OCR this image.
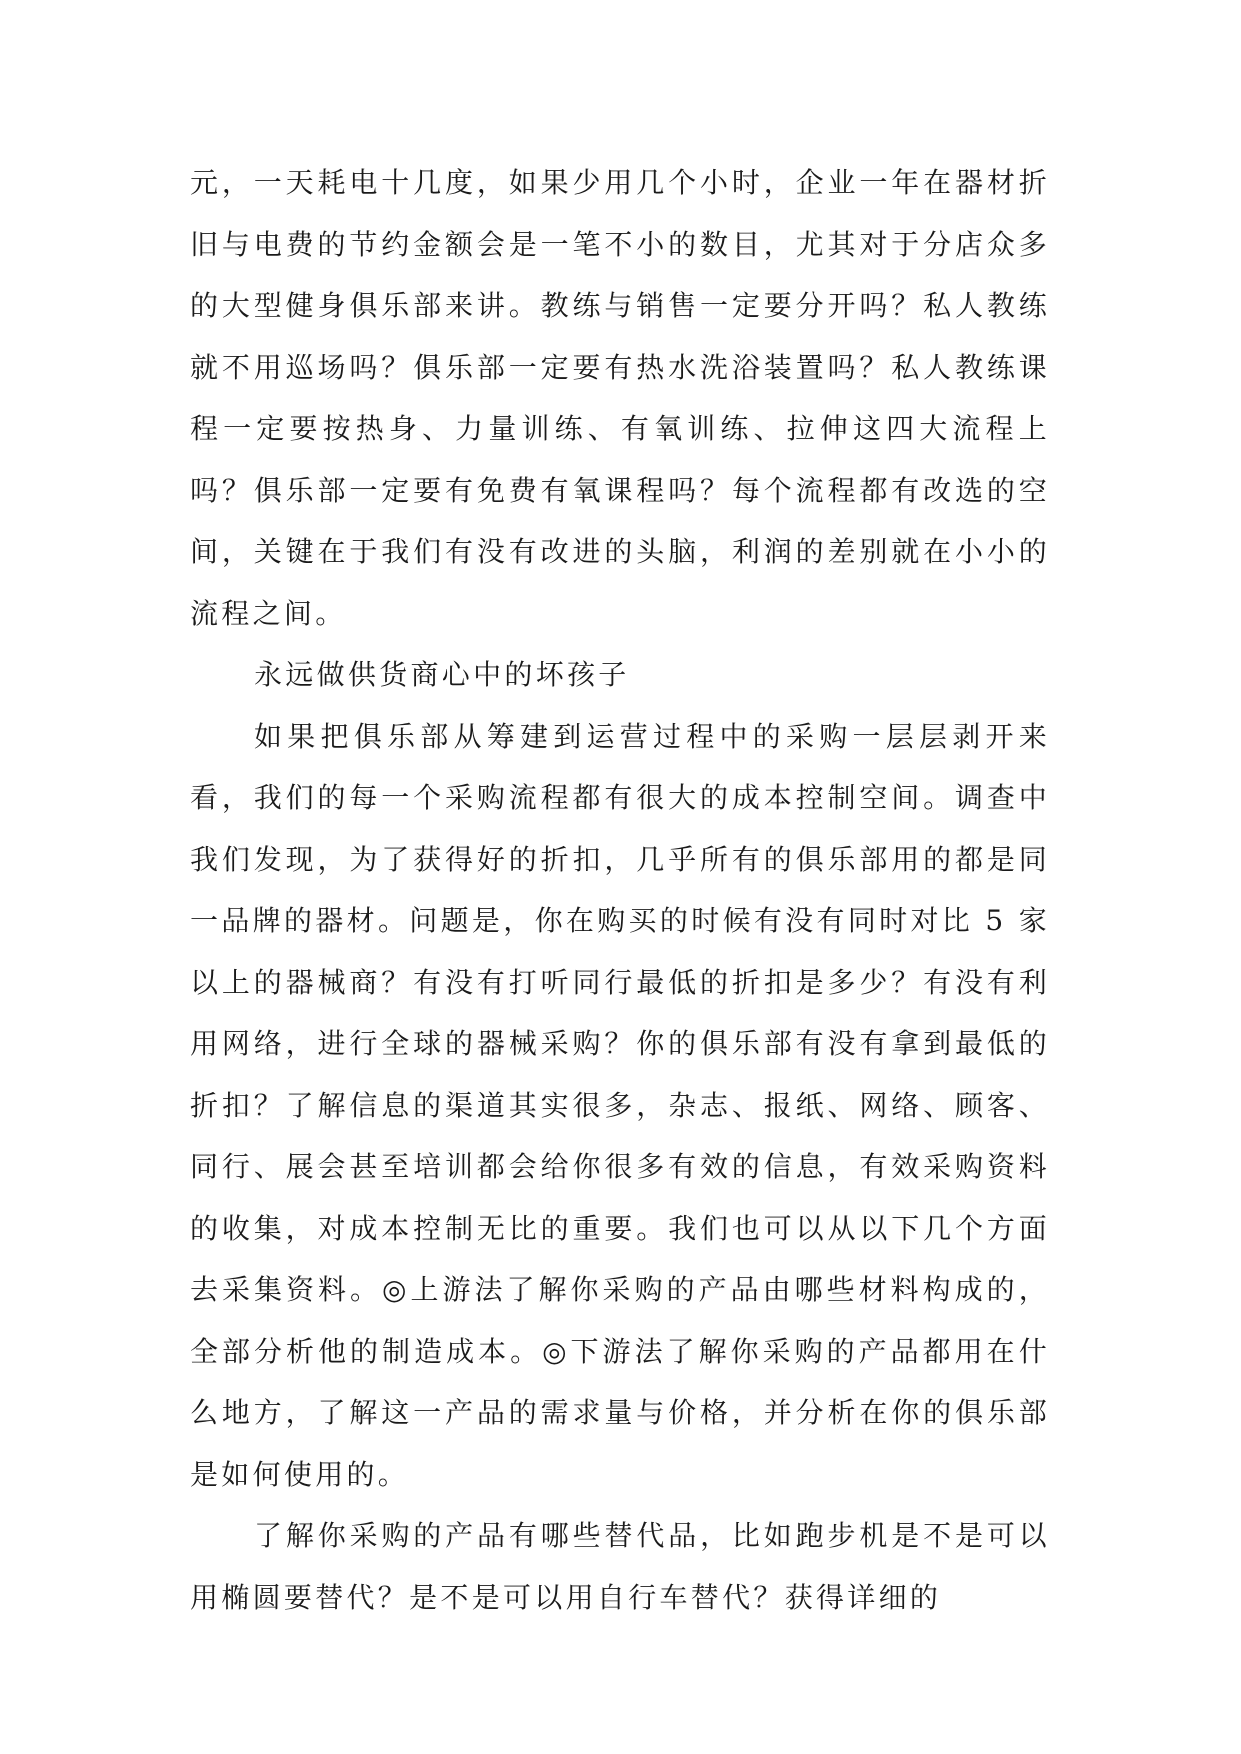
元，一天耗电十几度，如果少用几个小时，企业一年在器材折旧与电费的节约金额会是一笔不小的数目，尤其对于分店众多的大型健身俱乐部来讲。教练与销售一定要分开吗？私人教练就不用巡场吗？俱乐部一定要有热水洗浴装置吗？私人教练课程一定要按热身、力量训练、有氧训练、拉伸这四大流程上吗？俱乐部一定要有免费有氧课程吗？每个流程都有改选的空间，关键在于我们有没有改进的头脑，利润的差别就在小小的流程之间。

永远做供货商心中的坏孩子

如果把俱乐部从筹建到运营过程中的采购一层层剥开来看，我们的每一个采购流程都有很大的成本控制空间。调查中我们发现，为了获得好的折扣，几乎所有的俱乐部用的都是同一品牌的器材。问题是，你在购买的时候有没有同时对比 5 家以上的器械商？有没有打听同行最低的折扣是多少？有没有利用网络，进行全球的器械采购？你的俱乐部有没有拿到最低的折扣？了解信息的渠道其实很多，杂志、报纸、网络、顾客、同行、展会甚至培训都会给你很多有效的信息，有效采购资料的收集，对成本控制无比的重要。我们也可以从以下几个方面去采集资料。◎上游法了解你采购的产品由哪些材料构成的，全部分析他的制造成本。◎下游法了解你采购的产品都用在什么地方，了解这一产品的需求量与价格，并分析在你的俱乐部是如何使用的。

了解你采购的产品有哪些替代品，比如跑步机是不是可以用椭圆要替代？是不是可以用自行车替代？获得详细的
